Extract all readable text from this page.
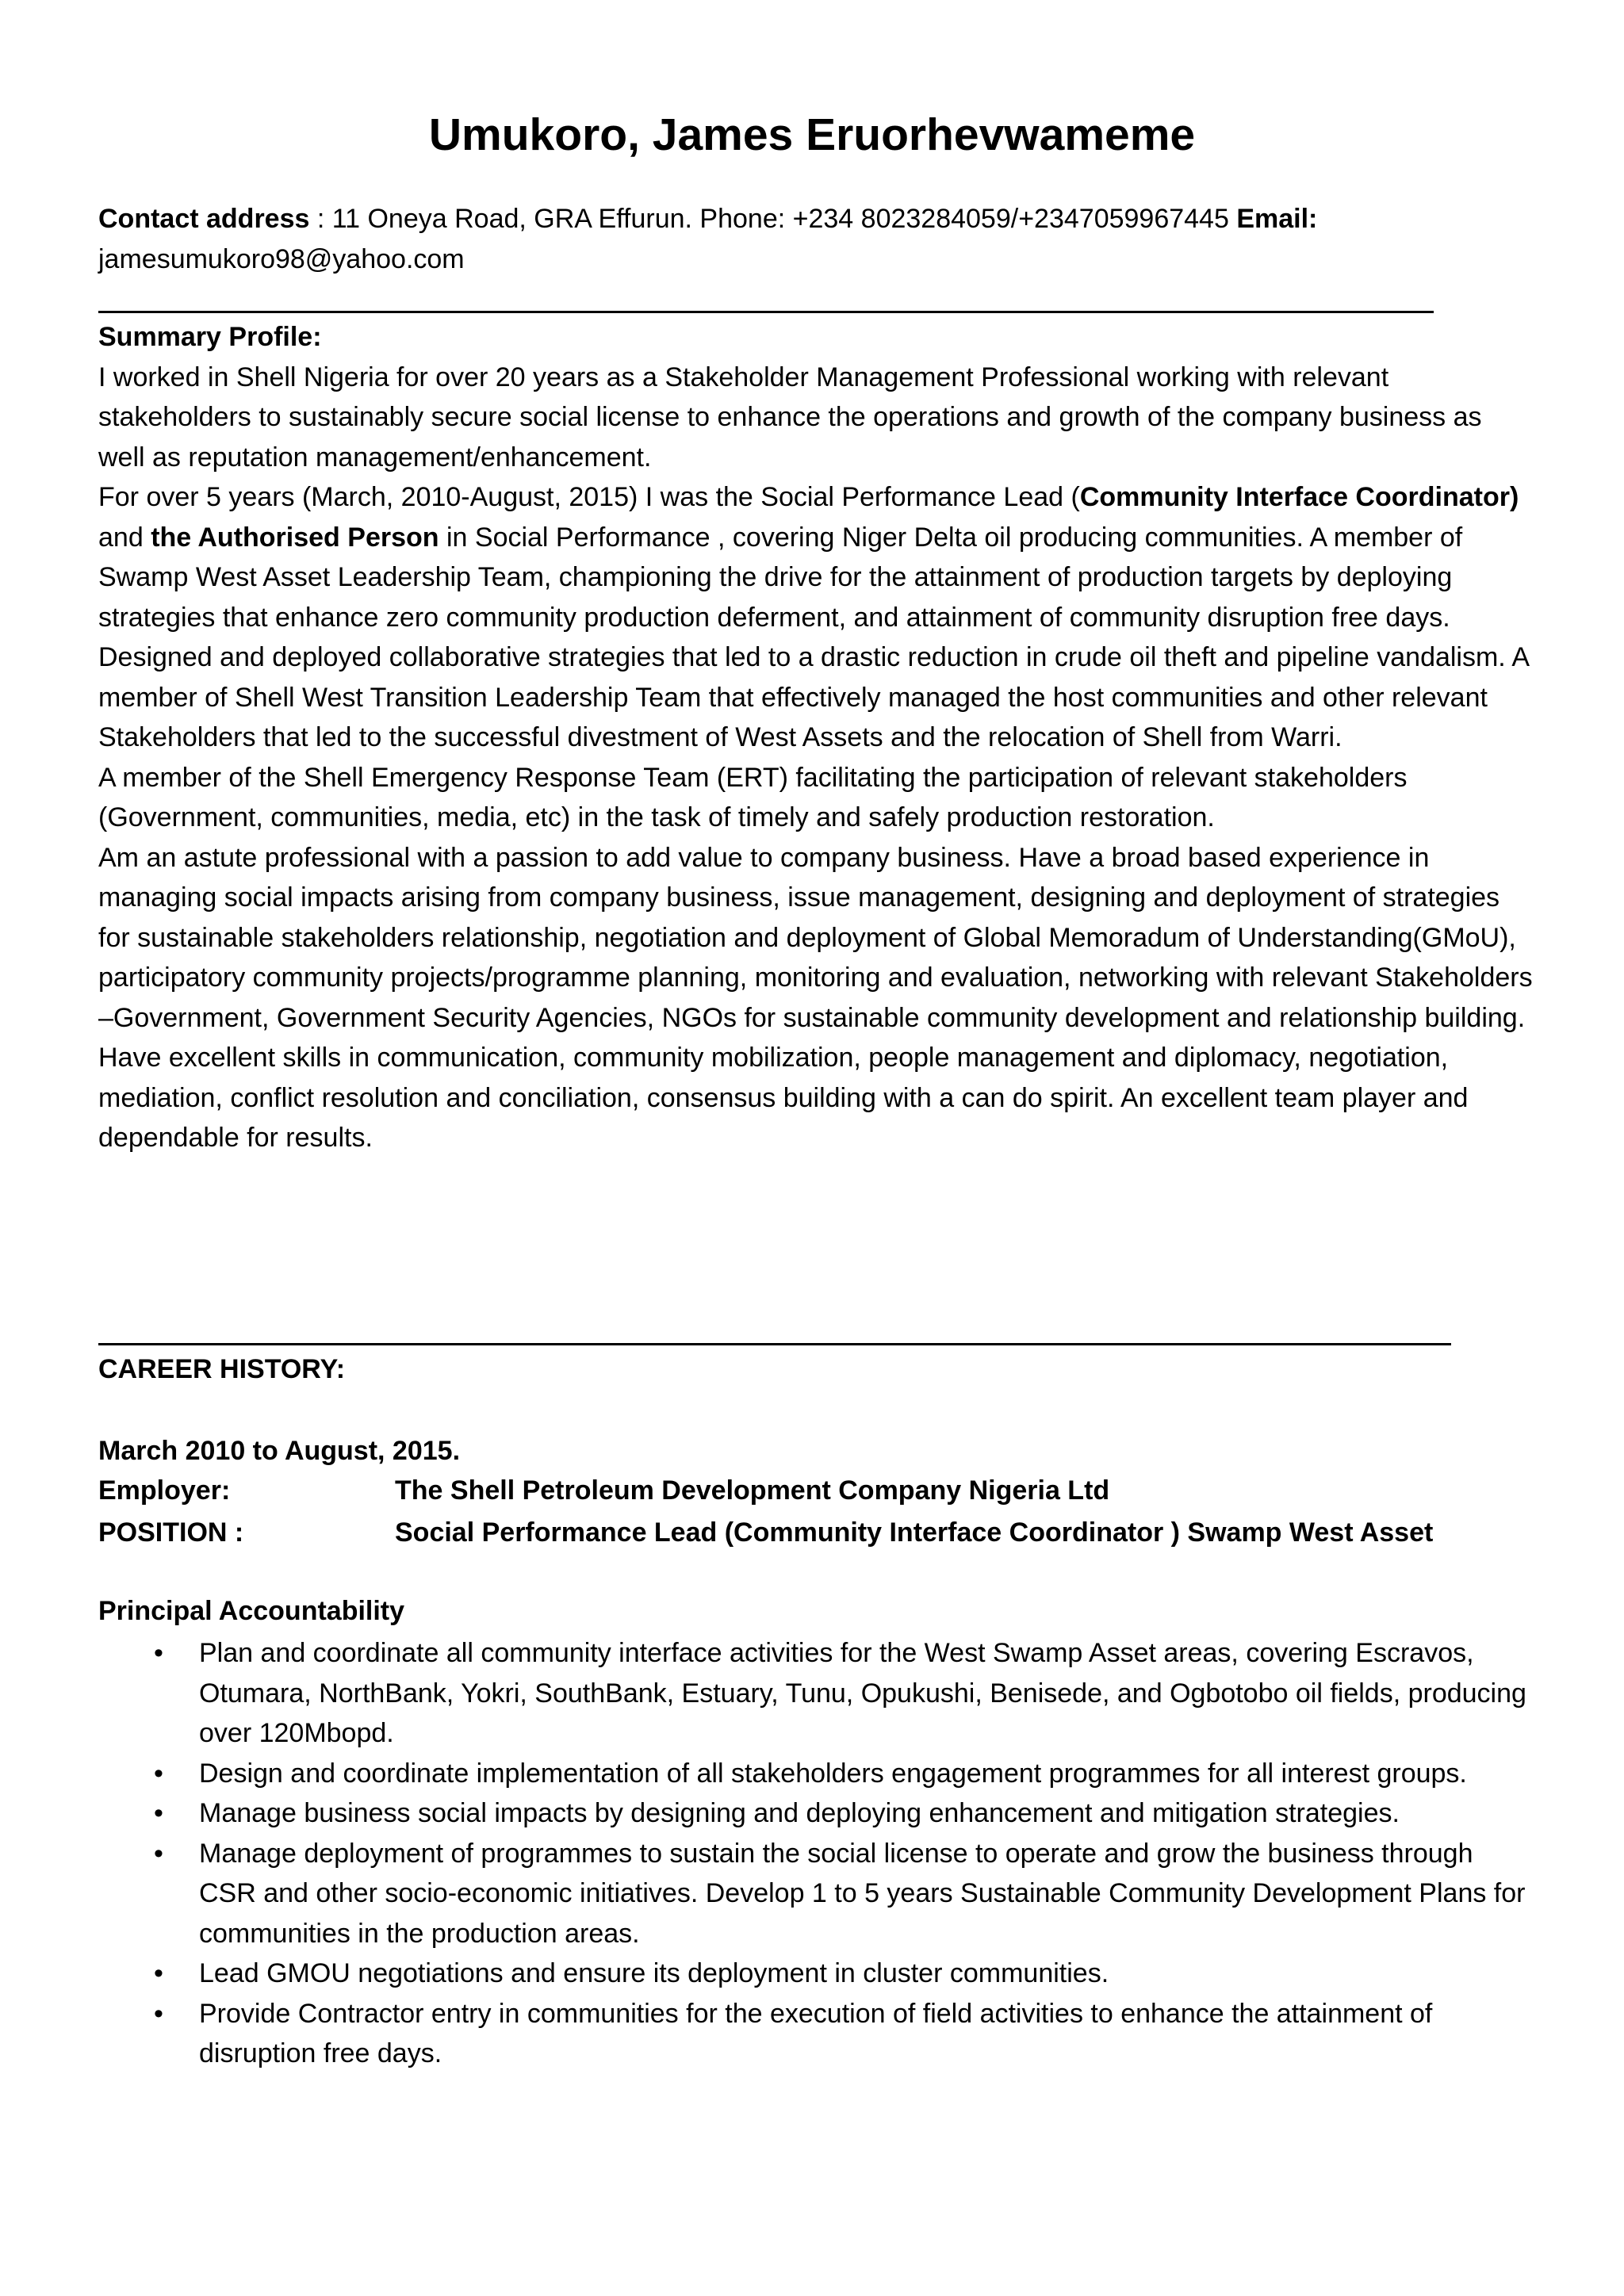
Umukoro, James Eruorhevwameme
Contact address : 11 Oneya Road, GRA Effurun. Phone: +234 8023284059/+2347059967445 Email:
jamesumukoro98@yahoo.com

Summary Profile:

I worked in Shell Nigeria for over 20 years as a Stakeholder Management Professional working with relevant stakeholders to sustainably secure social license to enhance the operations and growth of the company business as well as reputation management/enhancement.

For over 5 years (March, 2010-August, 2015) I was the Social Performance Lead (Community Interface Coordinator) and the Authorised Person in Social Performance , covering Niger Delta oil producing communities. A member of Swamp West Asset Leadership Team, championing the drive for the attainment of production targets by deploying strategies that enhance zero community production deferment, and attainment of community disruption free days. Designed and deployed collaborative strategies that led to a drastic reduction in crude oil theft and pipeline vandalism. A member of Shell West Transition Leadership Team that effectively managed the host communities and other relevant Stakeholders that led to the successful divestment of West Assets and the relocation of Shell from Warri.

A member of the Shell Emergency Response Team (ERT) facilitating the participation of relevant stakeholders (Government, communities, media, etc) in the task of timely and safely production restoration.

Am an astute professional with a passion to add value to company business. Have a broad based experience in managing social impacts arising from company business, issue management, designing and deployment of strategies for sustainable stakeholders relationship, negotiation and deployment of Global Memoradum of Understanding(GMoU), participatory community projects/programme planning, monitoring and evaluation, networking with relevant Stakeholders –Government, Government Security Agencies, NGOs for sustainable community development and relationship building.

Have excellent skills in communication, community mobilization, people management and diplomacy, negotiation, mediation, conflict resolution and conciliation, consensus building with a can do spirit. An excellent team player and dependable for results.

CAREER HISTORY:

March 2010 to August, 2015.

Employer:	The Shell Petroleum Development Company Nigeria Ltd
POSITION :	Social Performance Lead (Community Interface Coordinator ) Swamp West Asset

Principal Accountability

• Plan and coordinate all community interface activities for the West Swamp Asset areas, covering Escravos, Otumara, NorthBank, Yokri, SouthBank, Estuary, Tunu, Opukushi, Benisede, and Ogbotobo oil fields, producing over 120Mbopd.
• Design and coordinate implementation of all stakeholders engagement programmes for all interest groups.
• Manage business social impacts by designing and deploying enhancement and mitigation strategies.
• Manage deployment of programmes to sustain the social license to operate and grow the business through CSR and other socio-economic initiatives. Develop 1 to 5 years Sustainable Community Development Plans for communities in the production areas.
• Lead GMOU negotiations and ensure its deployment in cluster communities.
• Provide Contractor entry in communities for the execution of field activities to enhance the attainment of disruption free days.
